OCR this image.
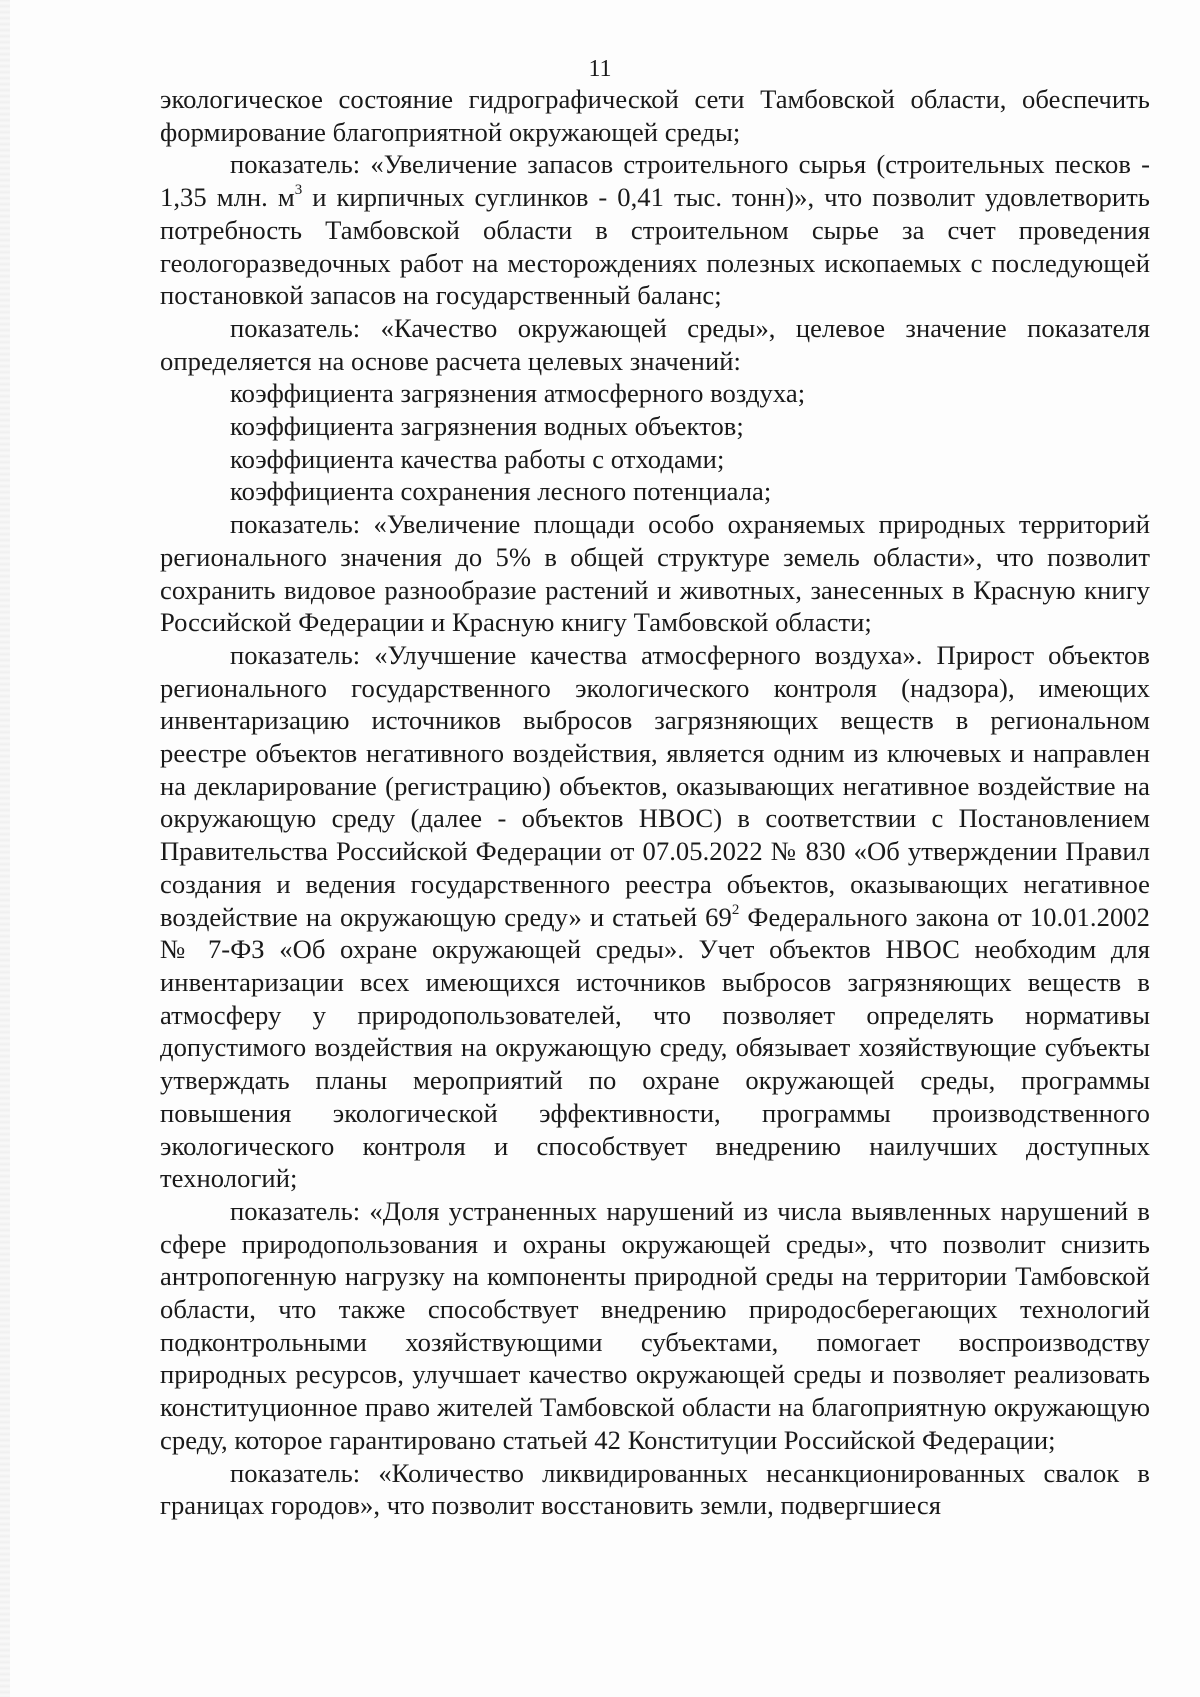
11

экологическое состояние гидрографической сети Тамбовской области, обеспечить формирование благоприятной окружающей среды;

показатель: «Увеличение запасов строительного сырья (строительных песков - 1,35 млн. $м^3$ и кирпичных суглинков - 0,41 тыс. тонн)», что позволит удовлетворить потребность Тамбовской области в строительном сырье за счет проведения геологоразведочных работ на месторождениях полезных ископаемых с последующей постановкой запасов на государственный баланс;

показатель: «Качество окружающей среды», целевое значение показателя определяется на основе расчета целевых значений:

коэффициента загрязнения атмосферного воздуха;

коэффициента загрязнения водных объектов;

коэффициента качества работы с отходами;

коэффициента сохранения лесного потенциала;

показатель: «Увеличение площади особо охраняемых природных территорий регионального значения до 5% в общей структуре земель области», что позволит сохранить видовое разнообразие растений и животных, занесенных в Красную книгу Российской Федерации и Красную книгу Тамбовской области;

показатель: «Улучшение качества атмосферного воздуха». Прирост объектов регионального государственного экологического контроля (надзора), имеющих инвентаризацию источников выбросов загрязняющих веществ в региональном реестре объектов негативного воздействия, является одним из ключевых и направлен на декларирование (регистрацию) объектов, оказывающих негативное воздействие на окружающую среду (далее - объектов НВОС) в соответствии с Постановлением Правительства Российской Федерации от 07.05.2022 № 830 «Об утверждении Правил создания и ведения государственного реестра объектов, оказывающих негативное воздействие на окружающую среду» и статьей $69^2$ Федерального закона от 10.01.2002 № 7-ФЗ «Об охране окружающей среды». Учет объектов НВОС необходим для инвентаризации всех имеющихся источников выбросов загрязняющих веществ в атмосферу у природопользователей, что позволяет определять нормативы допустимого воздействия на окружающую среду, обязывает хозяйствующие субъекты утверждать планы мероприятий по охране окружающей среды, программы повышения экологической эффективности, программы производственного экологического контроля и способствует внедрению наилучших доступных технологий;

показатель: «Доля устраненных нарушений из числа выявленных нарушений в сфере природопользования и охраны окружающей среды», что позволит снизить антропогенную нагрузку на компоненты природной среды на территории Тамбовской области, что также способствует внедрению природосберегающих технологий подконтрольными хозяйствующими субъектами, помогает воспроизводству природных ресурсов, улучшает качество окружающей среды и позволяет реализовать конституционное право жителей Тамбовской области на благоприятную окружающую среду, которое гарантировано статьей 42 Конституции Российской Федерации;

показатель: «Количество ликвидированных несанкционированных свалок в границах городов», что позволит восстановить земли, подвергшиеся
